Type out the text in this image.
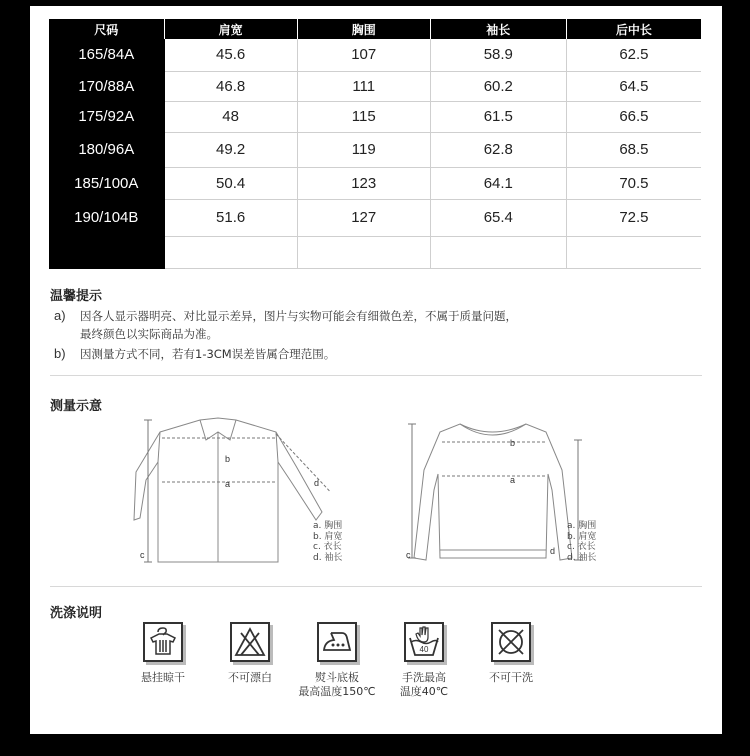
尺码	肩宽	胸围	袖长	后中长
165/84A	45.6	107	58.9	62.5
170/88A	46.8	111	60.2	64.5
175/92A	48	115	61.5	66.5
180/96A	49.2	119	62.8	68.5
185/100A	50.4	123	64.1	70.5
190/104B	51.6	127	65.4	72.5

温馨提示
a) 因各人显示器明亮、对比显示差异，图片与实物可能会有细微色差，不属于质量问题，
最终颜色以实际商品为准。
b) 因测量方式不同，若有1-3CM误差皆属合理范围。
测量示意
b
a
c
d
a. 胸围
b. 肩宽
c. 衣长
d. 袖长
b
a
c	d
a. 胸围
b. 肩宽
c. 衣长
d. 袖长
洗涤说明
悬挂晾干	不可漂白	熨斗底板
最高温度150℃
40
手洗最高
温度40℃
不可干洗
